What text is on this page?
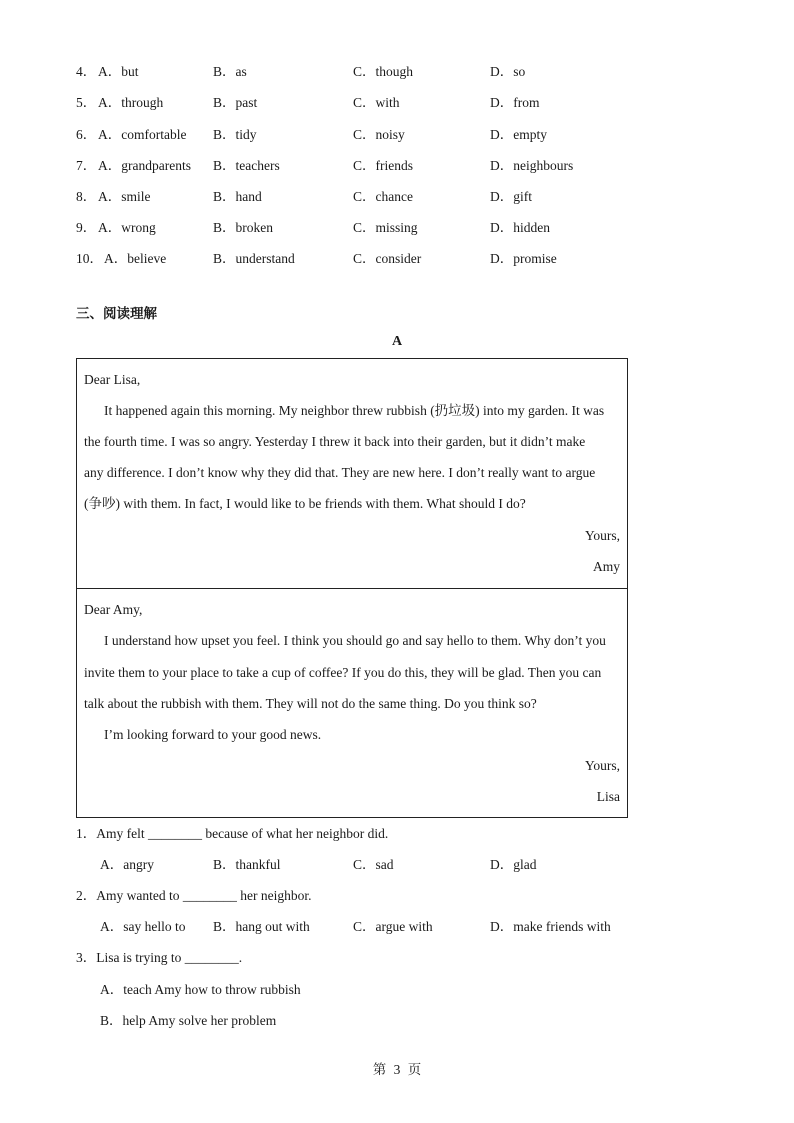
4． A．but	B．as	C．though	D．so
5． A．through	B．past	C．with	D．from
6． A．comfortable B．tidy	C．noisy	D．empty
7． A．grandparents B．teachers	C．friends	D．neighbours
8． A．smile	B．hand	C．chance	D．gift
9． A．wrong	B．broken	C．missing	D．hidden
10． A．believe	B．understand	C．consider	D．promise
三、阅读理解
A
Dear Lisa,
It happened again this morning. My neighbor threw rubbish (扔垃圾) into my garden. It was
the fourth time. I was so angry. Yesterday I threw it back into their garden, but it didn’t make
any difference. I don’t know why they did that. They are new here. I don’t really want to argue
(争吵) with them. In fact, I would like to be friends with them. What should I do?
Yours,
Amy
Dear Amy,
I understand how upset you feel. I think you should go and say hello to them. Why don’t you
invite them to your place to take a cup of coffee? If you do this, they will be glad. Then you can
talk about the rubbish with them. They will not do the same thing. Do you think so?
I’m looking forward to your good news.
Yours,
Lisa
1．Amy felt ________ because of what her neighbor did.
A．angry	B．thankful	C．sad	D．glad
2．Amy wanted to ________ her neighbor.
A．say hello to B．hang out with	C．argue with	D．make friends with
3．Lisa is trying to ________.
A．teach Amy how to throw rubbish
B．help Amy solve her problem
第 3 页
